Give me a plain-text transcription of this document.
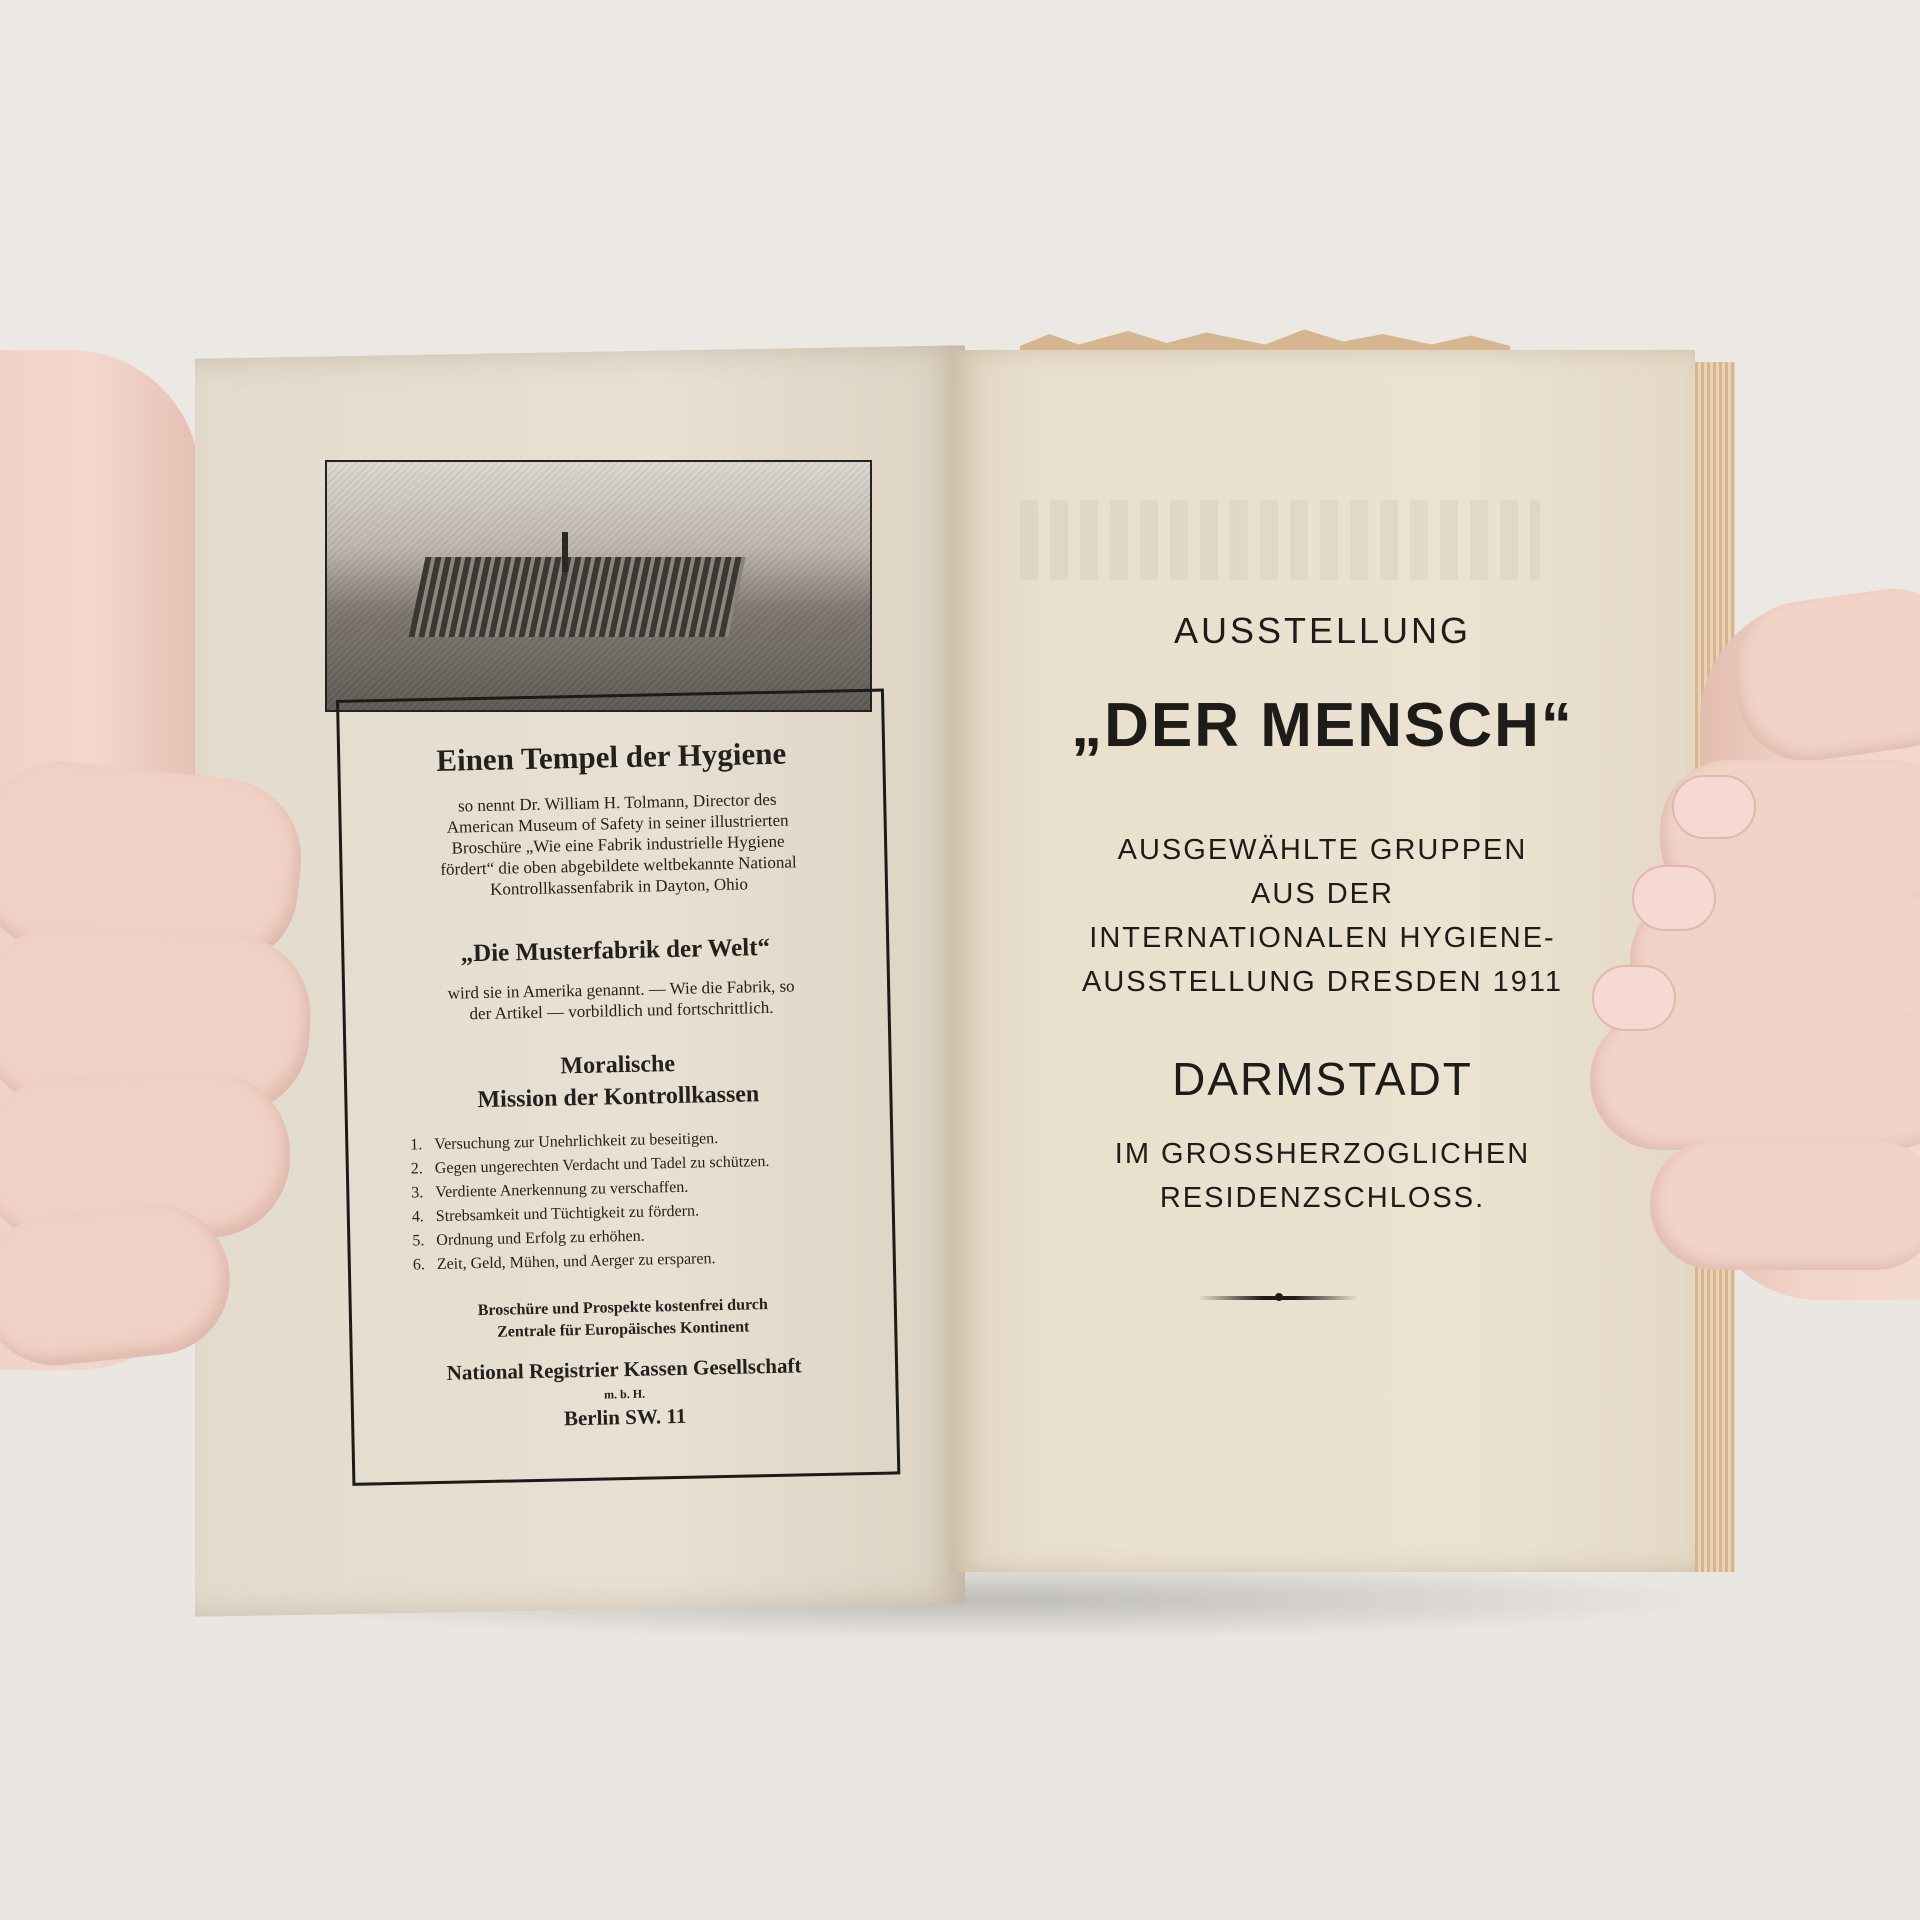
Einen Tempel der Hygiene
so nennt Dr. William H. Tolmann, Director des
American Museum of Safety in seiner illustrierten
Broschüre „Wie eine Fabrik industrielle Hygiene
fördert“ die oben abgebildete weltbekannte National
Kontrollkassenfabrik in Dayton, Ohio
„Die Musterfabrik der Welt“
wird sie in Amerika genannt. — Wie die Fabrik, so
der Artikel — vorbildlich und fortschrittlich.
Moralische
Mission der Kontrollkassen
1. Versuchung zur Unehrlichkeit zu beseitigen.
2. Gegen ungerechten Verdacht und Tadel zu schützen.
3. Verdiente Anerkennung zu verschaffen.
4. Strebsamkeit und Tüchtigkeit zu fördern.
5. Ordnung und Erfolg zu erhöhen.
6. Zeit, Geld, Mühen, und Aerger zu ersparen.
Broschüre und Prospekte kostenfrei durch
Zentrale für Europäisches Kontinent
National Registrier Kassen Gesellschaft
m. b. H.
Berlin SW. 11
AUSSTELLUNG
„DER MENSCH“
AUSGEWÄHLTE GRUPPEN
AUS DER
INTERNATIONALEN HYGIENE-
AUSSTELLUNG DRESDEN 1911
DARMSTADT
IM GROSSHERZOGLICHEN
RESIDENZSCHLOSS.
